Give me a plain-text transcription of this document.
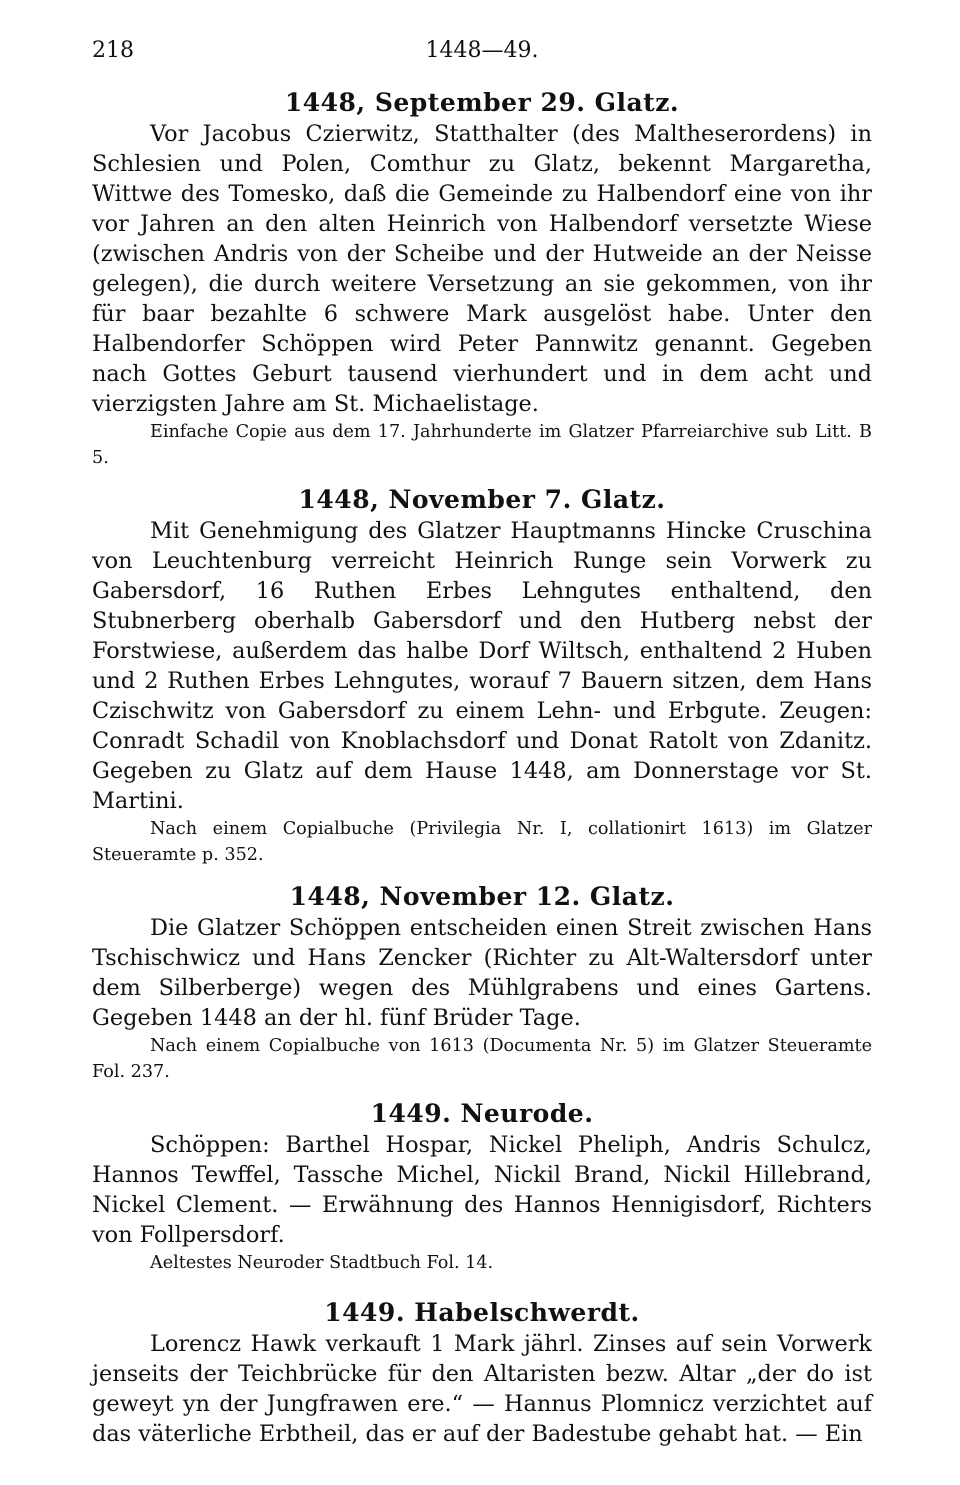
218	1448—49.
1448, September 29. Glatz.

Vor Jacobus Czierwitz, Statthalter (des Maltheserordens) in Schlesien und Polen, Comthur zu Glatz, bekennt Margaretha, Wittwe des Tomesko, daß die Gemeinde zu Halbendorf eine von ihr vor Jahren an den alten Heinrich von Halbendorf versetzte Wiese (zwischen Andris von der Scheibe und der Hutweide an der Neisse gelegen), die durch weitere Versetzung an sie gekommen, von ihr für baar bezahlte 6 schwere Mark ausgelöst habe. Unter den Halbendorfer Schöppen wird Peter Pannwitz genannt. Gegeben nach Gottes Geburt tausend vierhundert und in dem acht und vierzigsten Jahre am St. Michaelistage.

Einfache Copie aus dem 17. Jahrhunderte im Glatzer Pfarreiarchive sub Litt. B 5.

1448, November 7. Glatz.

Mit Genehmigung des Glatzer Hauptmanns Hincke Cruschina von Leuchtenburg verreicht Heinrich Runge sein Vorwerk zu Gabersdorf, 16 Ruthen Erbes Lehngutes enthaltend, den Stubnerberg oberhalb Gabersdorf und den Hutberg nebst der Forstwiese, außerdem das halbe Dorf Wiltsch, enthaltend 2 Huben und 2 Ruthen Erbes Lehngutes, worauf 7 Bauern sitzen, dem Hans Czischwitz von Gabersdorf zu einem Lehn- und Erbgute. Zeugen: Conradt Schadil von Knoblachsdorf und Donat Ratolt von Zdanitz. Gegeben zu Glatz auf dem Hause 1448, am Donnerstage vor St. Martini.

Nach einem Copialbuche (Privilegia Nr. I, collationirt 1613) im Glatzer Steueramte p. 352.

1448, November 12. Glatz.

Die Glatzer Schöppen entscheiden einen Streit zwischen Hans Tschischwicz und Hans Zencker (Richter zu Alt-Waltersdorf unter dem Silberberge) wegen des Mühlgrabens und eines Gartens. Gegeben 1448 an der hl. fünf Brüder Tage.

Nach einem Copialbuche von 1613 (Documenta Nr. 5) im Glatzer Steueramte Fol. 237.

1449. Neurode.

Schöppen: Barthel Hospar, Nickel Pheliph, Andris Schulcz, Hannos Tewffel, Tassche Michel, Nickil Brand, Nickil Hillebrand, Nickel Clement. — Erwähnung des Hannos Hennigisdorf, Richters von Follpersdorf.

Aeltestes Neuroder Stadtbuch Fol. 14.

1449. Habelschwerdt.

Lorencz Hawk verkauft 1 Mark jährl. Zinses auf sein Vorwerk jenseits der Teichbrücke für den Altaristen bezw. Altar „der do ist geweyt yn der Jungfrawen ere.“ — Hannus Plomnicz verzichtet auf das väterliche Erbtheil, das er auf der Badestube gehabt hat. — Ein
